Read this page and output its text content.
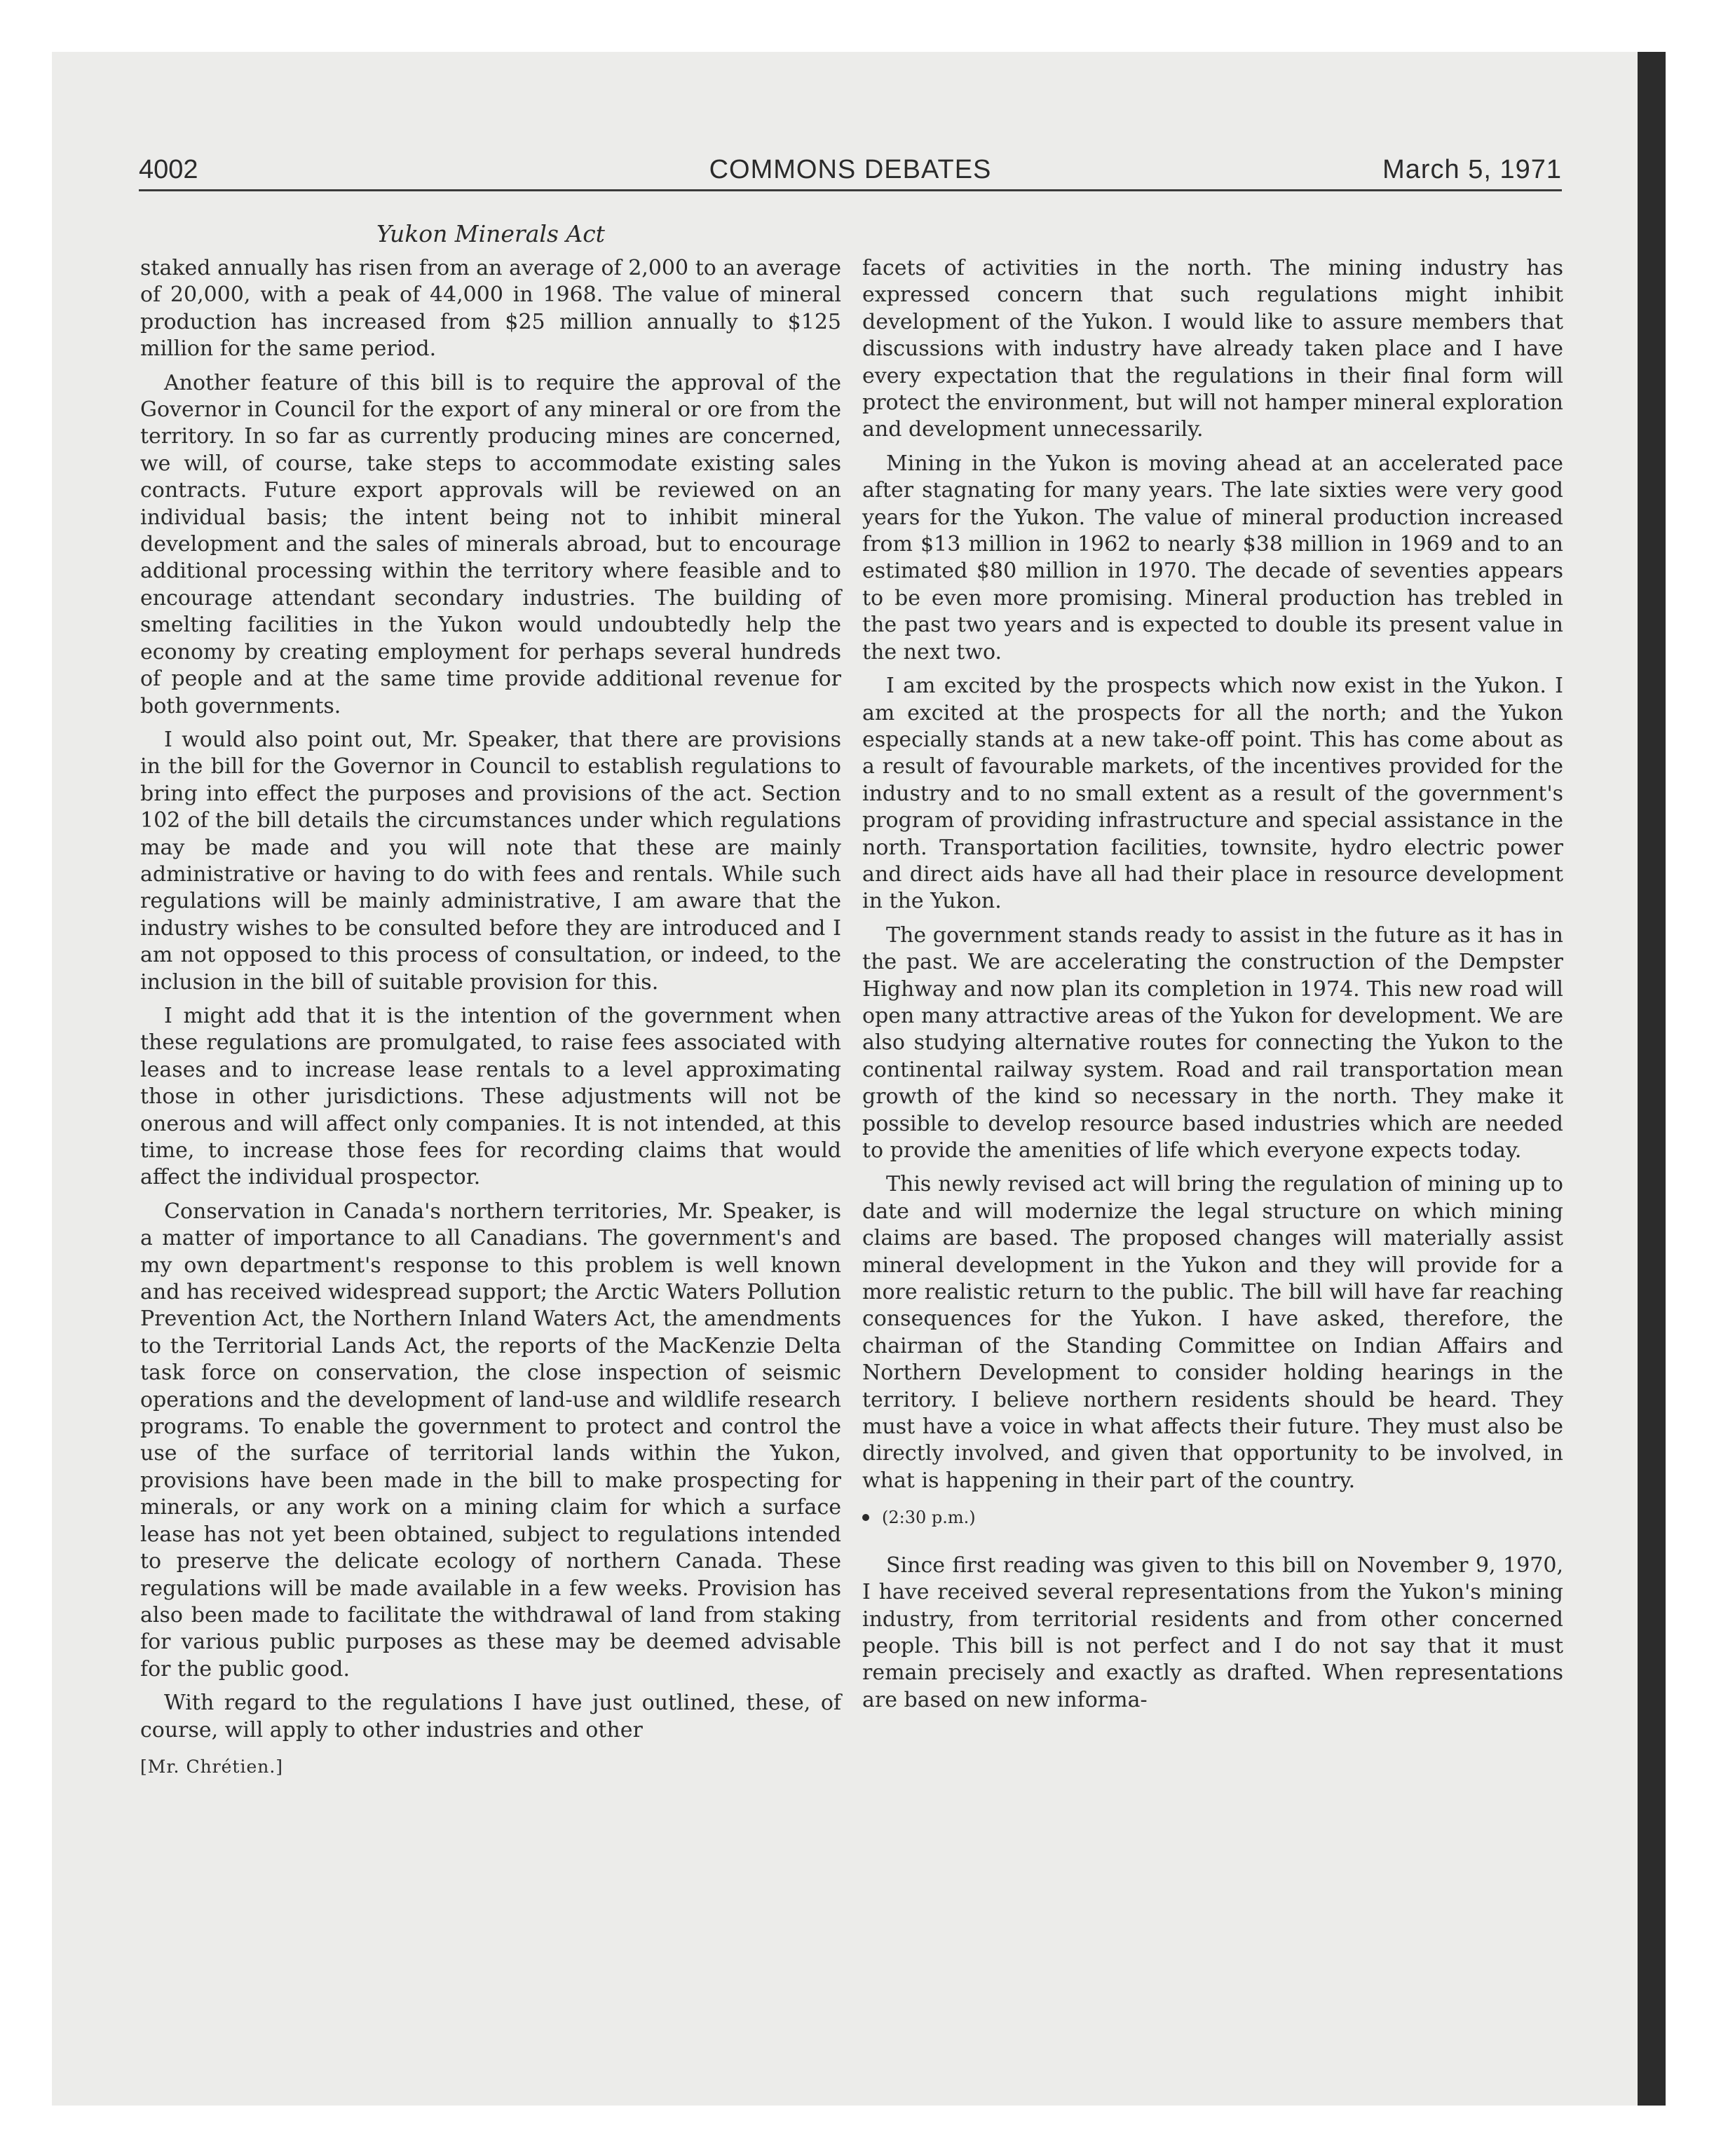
4002	COMMONS DEBATES	March 5, 1971
Yukon Minerals Act

staked annually has risen from an average of 2,000 to an average of 20,000, with a peak of 44,000 in 1968. The value of mineral production has increased from $25 million annually to $125 million for the same period.

Another feature of this bill is to require the approval of the Governor in Council for the export of any mineral or ore from the territory. In so far as currently producing mines are concerned, we will, of course, take steps to accommodate existing sales contracts. Future export approvals will be reviewed on an individual basis; the intent being not to inhibit mineral development and the sales of minerals abroad, but to encourage additional processing within the territory where feasible and to encourage attendant secondary industries. The building of smelting facilities in the Yukon would undoubtedly help the economy by creating employment for perhaps several hundreds of people and at the same time provide additional revenue for both governments.

I would also point out, Mr. Speaker, that there are provisions in the bill for the Governor in Council to establish regulations to bring into effect the purposes and provisions of the act. Section 102 of the bill details the circumstances under which regulations may be made and you will note that these are mainly administrative or having to do with fees and rentals. While such regulations will be mainly administrative, I am aware that the industry wishes to be consulted before they are introduced and I am not opposed to this process of consultation, or indeed, to the inclusion in the bill of suitable provision for this.

I might add that it is the intention of the government when these regulations are promulgated, to raise fees associated with leases and to increase lease rentals to a level approximating those in other jurisdictions. These adjustments will not be onerous and will affect only companies. It is not intended, at this time, to increase those fees for recording claims that would affect the individual prospector.

Conservation in Canada's northern territories, Mr. Speaker, is a matter of importance to all Canadians. The government's and my own department's response to this problem is well known and has received widespread support; the Arctic Waters Pollution Prevention Act, the Northern Inland Waters Act, the amendments to the Territorial Lands Act, the reports of the MacKenzie Delta task force on conservation, the close inspection of seismic operations and the development of land-use and wildlife research programs. To enable the government to protect and control the use of the surface of territorial lands within the Yukon, provisions have been made in the bill to make prospecting for minerals, or any work on a mining claim for which a surface lease has not yet been obtained, subject to regulations intended to preserve the delicate ecology of northern Canada. These regulations will be made available in a few weeks. Provision has also been made to facilitate the withdrawal of land from staking for various public purposes as these may be deemed advisable for the public good.

With regard to the regulations I have just outlined, these, of course, will apply to other industries and other

[Mr. Chrétien.]

facets of activities in the north. The mining industry has expressed concern that such regulations might inhibit development of the Yukon. I would like to assure members that discussions with industry have already taken place and I have every expectation that the regulations in their final form will protect the environment, but will not hamper mineral exploration and development unnecessarily.

Mining in the Yukon is moving ahead at an accelerated pace after stagnating for many years. The late sixties were very good years for the Yukon. The value of mineral production increased from $13 million in 1962 to nearly $38 million in 1969 and to an estimated $80 million in 1970. The decade of seventies appears to be even more promising. Mineral production has trebled in the past two years and is expected to double its present value in the next two.

I am excited by the prospects which now exist in the Yukon. I am excited at the prospects for all the north; and the Yukon especially stands at a new take-off point. This has come about as a result of favourable markets, of the incentives provided for the industry and to no small extent as a result of the government's program of providing infrastructure and special assistance in the north. Transportation facilities, townsite, hydro electric power and direct aids have all had their place in resource development in the Yukon.

The government stands ready to assist in the future as it has in the past. We are accelerating the construction of the Dempster Highway and now plan its completion in 1974. This new road will open many attractive areas of the Yukon for development. We are also studying alternative routes for connecting the Yukon to the continental railway system. Road and rail transportation mean growth of the kind so necessary in the north. They make it possible to develop resource based industries which are needed to provide the amenities of life which everyone expects today.

This newly revised act will bring the regulation of mining up to date and will modernize the legal structure on which mining claims are based. The proposed changes will materially assist mineral development in the Yukon and they will provide for a more realistic return to the public. The bill will have far reaching consequences for the Yukon. I have asked, therefore, the chairman of the Standing Committee on Indian Affairs and Northern Development to consider holding hearings in the territory. I believe northern residents should be heard. They must have a voice in what affects their future. They must also be directly involved, and given that opportunity to be involved, in what is happening in their part of the country.

(2:30 p.m.)

Since first reading was given to this bill on November 9, 1970, I have received several representations from the Yukon's mining industry, from territorial residents and from other concerned people. This bill is not perfect and I do not say that it must remain precisely and exactly as drafted. When representations are based on new informa-
